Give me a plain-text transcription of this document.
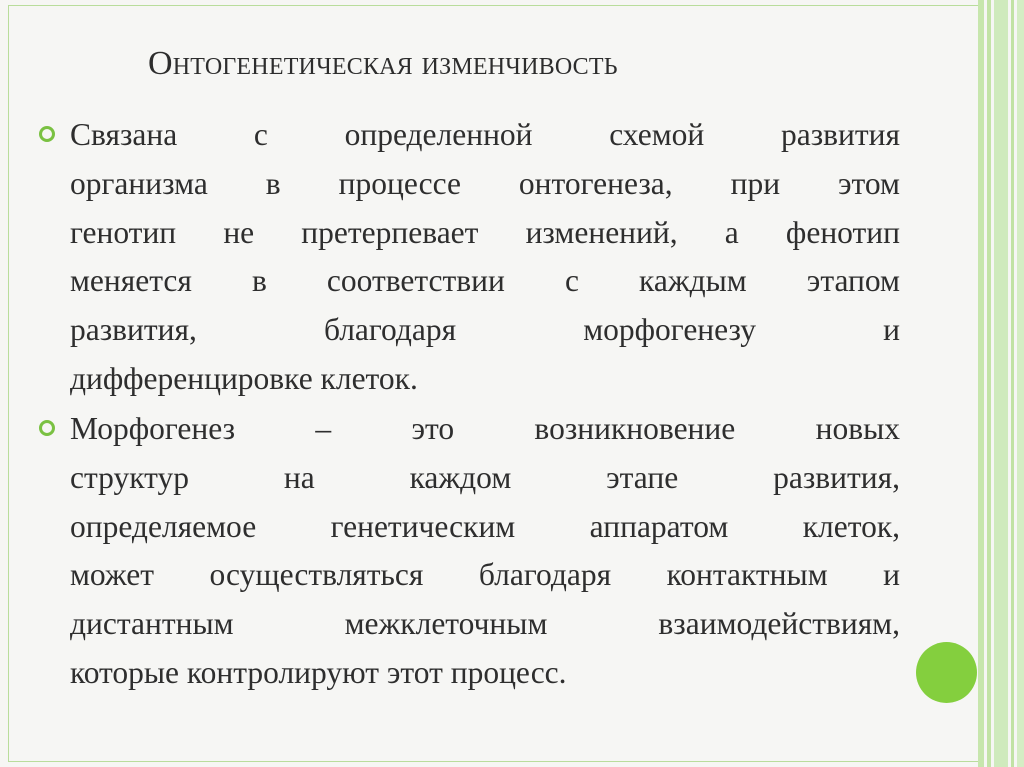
Онтогенетическая изменчивость
Связана с определенной схемой развития
организма в процессе онтогенеза, при этом
генотип не претерпевает изменений, а фенотип
меняется в соответствии с каждым этапом
развития, благодаря морфогенезу и
дифференцировке клеток.
Морфогенез – это возникновение новых
структур на каждом этапе развития,
определяемое генетическим аппаратом клеток,
может осуществляться благодаря контактным и
дистантным межклеточным взаимодействиям,
которые контролируют этот процесс.
